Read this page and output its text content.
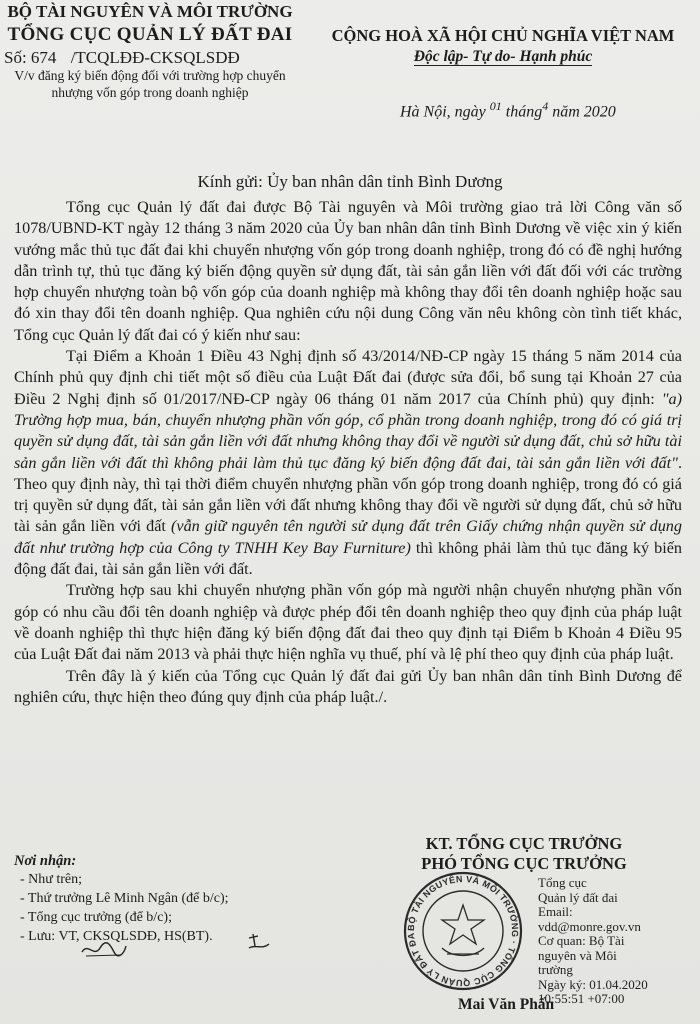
BỘ TÀI NGUYÊN VÀ MÔI TRƯỜNG
TỔNG CỤC QUẢN LÝ ĐẤT ĐAI
Số: 674 /TCQLĐĐ-CKSQLSDĐ
V/v đăng ký biến động đối với trường hợp chuyển
nhượng vốn góp trong doanh nghiệp
CỘNG HOÀ XÃ HỘI CHỦ NGHĨA VIỆT NAM
Độc lập- Tự do- Hạnh phúc
Hà Nội, ngày $^{01}$ tháng$^4$ năm 2020
Kính gửi: Ủy ban nhân dân tỉnh Bình Dương

Tổng cục Quản lý đất đai được Bộ Tài nguyên và Môi trường giao trả lời Công văn số 1078/UBND-KT ngày 12 tháng 3 năm 2020 của Ủy ban nhân dân tỉnh Bình Dương về việc xin ý kiến vướng mắc thủ tục đất đai khi chuyển nhượng vốn góp trong doanh nghiệp, trong đó có đề nghị hướng dẫn trình tự, thủ tục đăng ký biến động quyền sử dụng đất, tài sản gắn liền với đất đối với các trường hợp chuyển nhượng toàn bộ vốn góp của doanh nghiệp mà không thay đổi tên doanh nghiệp hoặc sau đó xin thay đổi tên doanh nghiệp. Qua nghiên cứu nội dung Công văn nêu không còn tình tiết khác, Tổng cục Quản lý đất đai có ý kiến như sau:

Tại Điểm a Khoản 1 Điều 43 Nghị định số 43/2014/NĐ-CP ngày 15 tháng 5 năm 2014 của Chính phủ quy định chi tiết một số điều của Luật Đất đai (được sửa đổi, bổ sung tại Khoản 27 của Điều 2 Nghị định số 01/2017/NĐ-CP ngày 06 tháng 01 năm 2017 của Chính phủ) quy định: "a) Trường hợp mua, bán, chuyển nhượng phần vốn góp, cổ phần trong doanh nghiệp, trong đó có giá trị quyền sử dụng đất, tài sản gắn liền với đất nhưng không thay đổi về người sử dụng đất, chủ sở hữu tài sản gắn liền với đất thì không phải làm thủ tục đăng ký biến động đất đai, tài sản gắn liền với đất". Theo quy định này, thì tại thời điểm chuyển nhượng phần vốn góp trong doanh nghiệp, trong đó có giá trị quyền sử dụng đất, tài sản gắn liền với đất nhưng không thay đổi về người sử dụng đất, chủ sở hữu tài sản gắn liền với đất (vẫn giữ nguyên tên người sử dụng đất trên Giấy chứng nhận quyền sử dụng đất như trường hợp của Công ty TNHH Key Bay Furniture) thì không phải làm thủ tục đăng ký biến động đất đai, tài sản gắn liền với đất.

Trường hợp sau khi chuyển nhượng phần vốn góp mà người nhận chuyển nhượng phần vốn góp có nhu cầu đổi tên doanh nghiệp và được phép đổi tên doanh nghiệp theo quy định của pháp luật về doanh nghiệp thì thực hiện đăng ký biến động đất đai theo quy định tại Điểm b Khoản 4 Điều 95 của Luật Đất đai năm 2013 và phải thực hiện nghĩa vụ thuế, phí và lệ phí theo quy định của pháp luật.

Trên đây là ý kiến của Tổng cục Quản lý đất đai gửi Ủy ban nhân dân tỉnh Bình Dương để nghiên cứu, thực hiện theo đúng quy định của pháp luật./.

Nơi nhận:
- Như trên;
- Thứ trưởng Lê Minh Ngân (để b/c);
- Tổng cục trưởng (để b/c);
- Lưu: VT, CKSQLSDĐ, HS(BT).
KT. TỔNG CỤC TRƯỞNG
PHÓ TỔNG CỤC TRƯỞNG
BỘ TÀI NGUYÊN VÀ MÔI TRƯỜNG · TỔNG CỤC QUẢN LÝ ĐẤT ĐA
Tổng cục
Quản lý đất đai
Email:
vdd@monre.gov.vn
Cơ quan: Bộ Tài
nguyên và Môi
trường
Ngày ký: 01.04.2020
10:55:51 +07:00
Mai Văn Phấn
